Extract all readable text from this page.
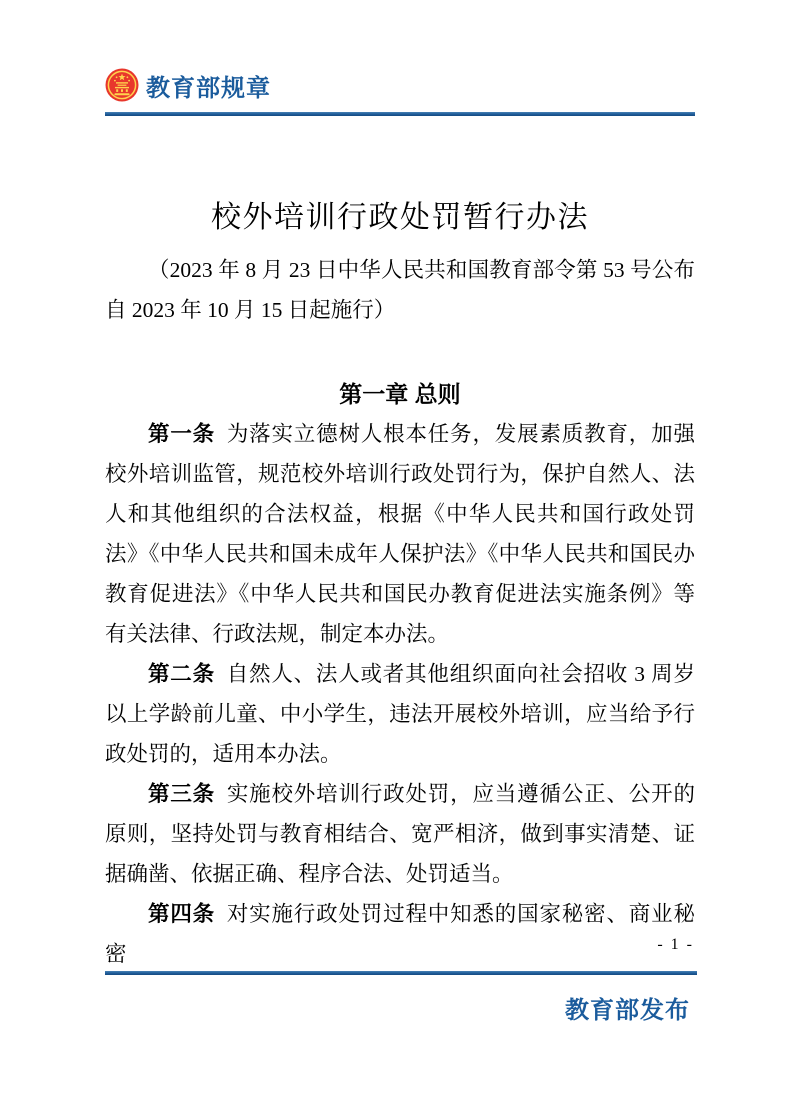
教育部规章
校外培训行政处罚暂行办法

（2023 年 8 月 23 日中华人民共和国教育部令第 53 号公布 自 2023 年 10 月 15 日起施行）

第一章 总则

第一条 为落实立德树人根本任务，发展素质教育，加强校外培训监管，规范校外培训行政处罚行为，保护自然人、法人和其他组织的合法权益，根据《中华人民共和国行政处罚法》《中华人民共和国未成年人保护法》《中华人民共和国民办教育促进法》《中华人民共和国民办教育促进法实施条例》等有关法律、行政法规，制定本办法。

第二条 自然人、法人或者其他组织面向社会招收 3 周岁以上学龄前儿童、中小学生，违法开展校外培训，应当给予行政处罚的，适用本办法。

第三条 实施校外培训行政处罚，应当遵循公正、公开的原则，坚持处罚与教育相结合、宽严相济，做到事实清楚、证据确凿、依据正确、程序合法、处罚适当。

第四条 对实施行政处罚过程中知悉的国家秘密、商业秘密	- 1 -
教育部发布
